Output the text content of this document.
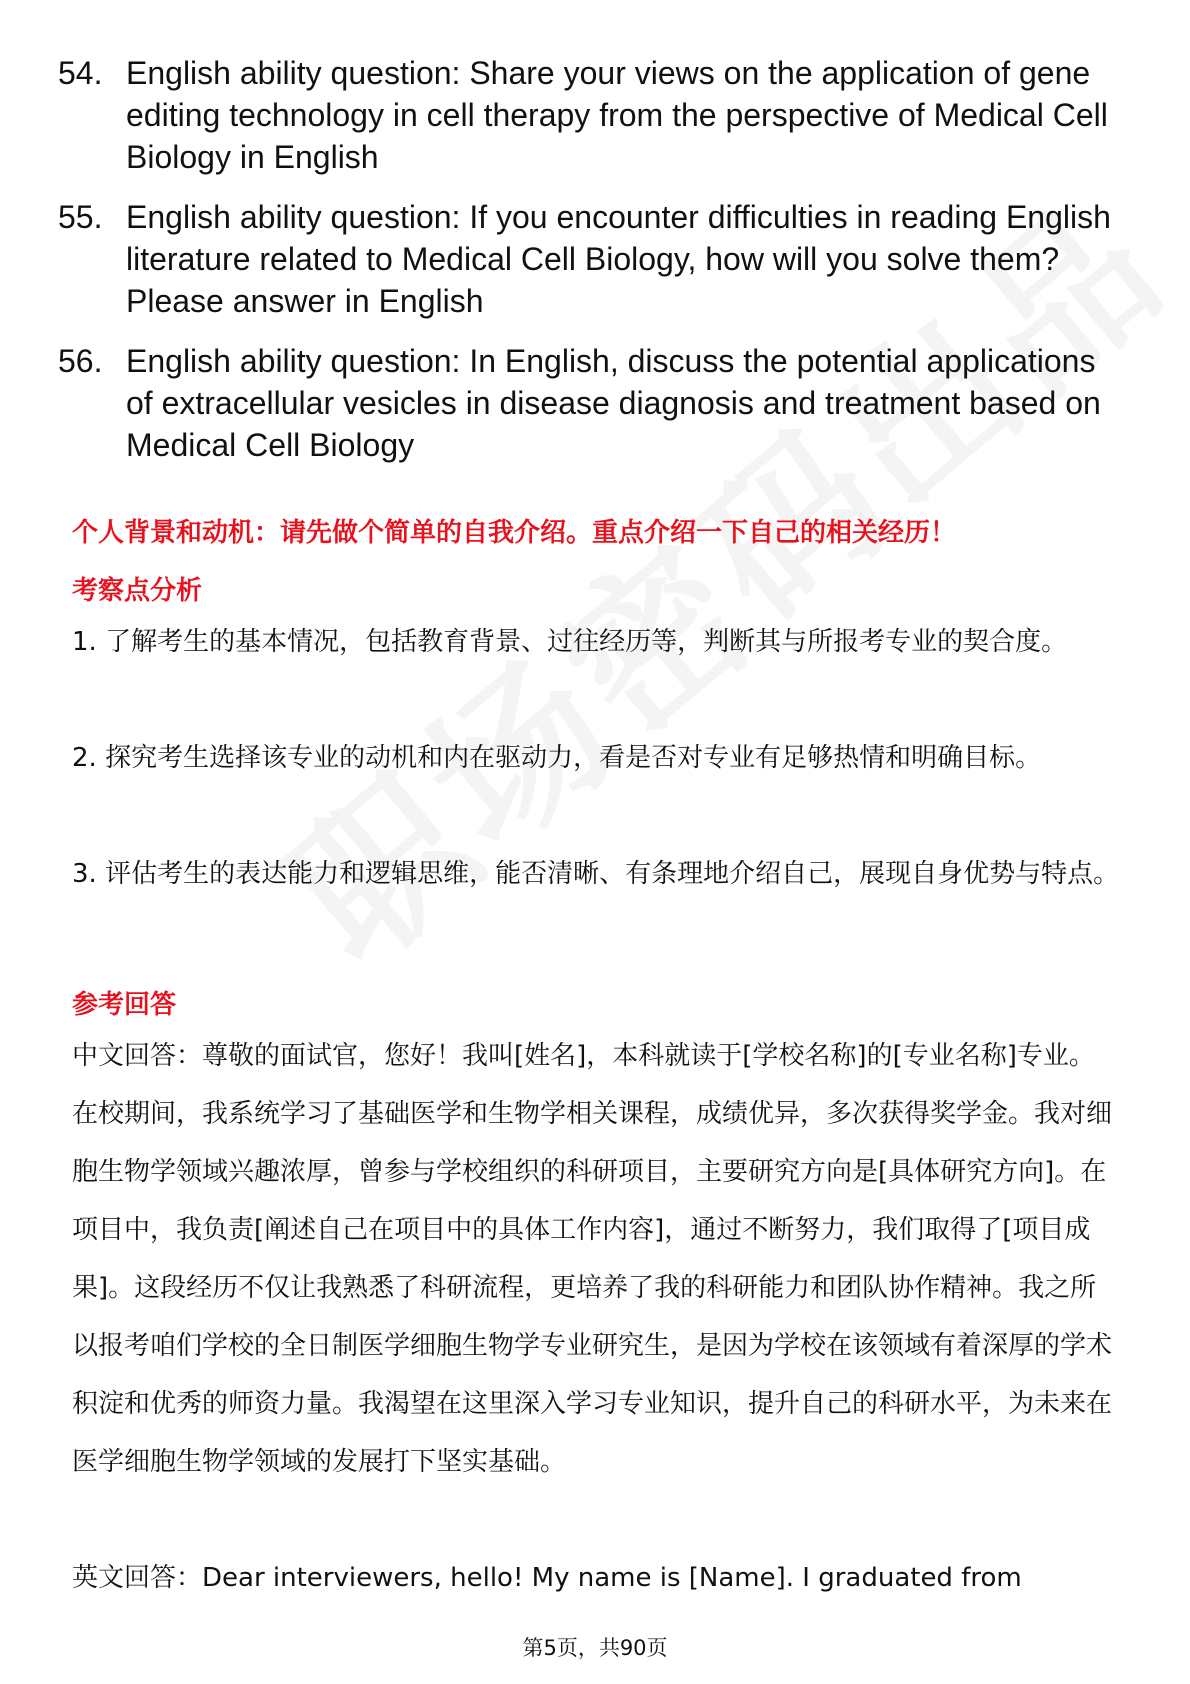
54. English ability question: Share your views on the application of gene editing technology in cell therapy from the perspective of Medical Cell Biology in English
55. English ability question: If you encounter difficulties in reading English literature related to Medical Cell Biology, how will you solve them? Please answer in English
56. English ability question: In English, discuss the potential applications of extracellular vesicles in disease diagnosis and treatment based on Medical Cell Biology
个人背景和动机：请先做个简单的自我介绍。重点介绍一下自己的相关经历！
考察点分析
1. 了解考生的基本情况，包括教育背景、过往经历等，判断其与所报考专业的契合度。
2. 探究考生选择该专业的动机和内在驱动力，看是否对专业有足够热情和明确目标。
3. 评估考生的表达能力和逻辑思维，能否清晰、有条理地介绍自己，展现自身优势与特点。
参考回答
中文回答：尊敬的面试官，您好！我叫[姓名]，本科就读于[学校名称]的[专业名称]专业。在校期间，我系统学习了基础医学和生物学相关课程，成绩优异，多次获得奖学金。我对细胞生物学领域兴趣浓厚，曾参与学校组织的科研项目，主要研究方向是[具体研究方向]。在项目中，我负责[阐述自己在项目中的具体工作内容]，通过不断努力，我们取得了[项目成果]。这段经历不仅让我熟悉了科研流程，更培养了我的科研能力和团队协作精神。我之所以报考咱们学校的全日制医学细胞生物学专业研究生，是因为学校在该领域有着深厚的学术积淀和优秀的师资力量。我渴望在这里深入学习专业知识，提升自己的科研水平，为未来在医学细胞生物学领域的发展打下坚实基础。
英文回答：Dear interviewers, hello! My name is [Name]. I graduated from
第5页，共90页
